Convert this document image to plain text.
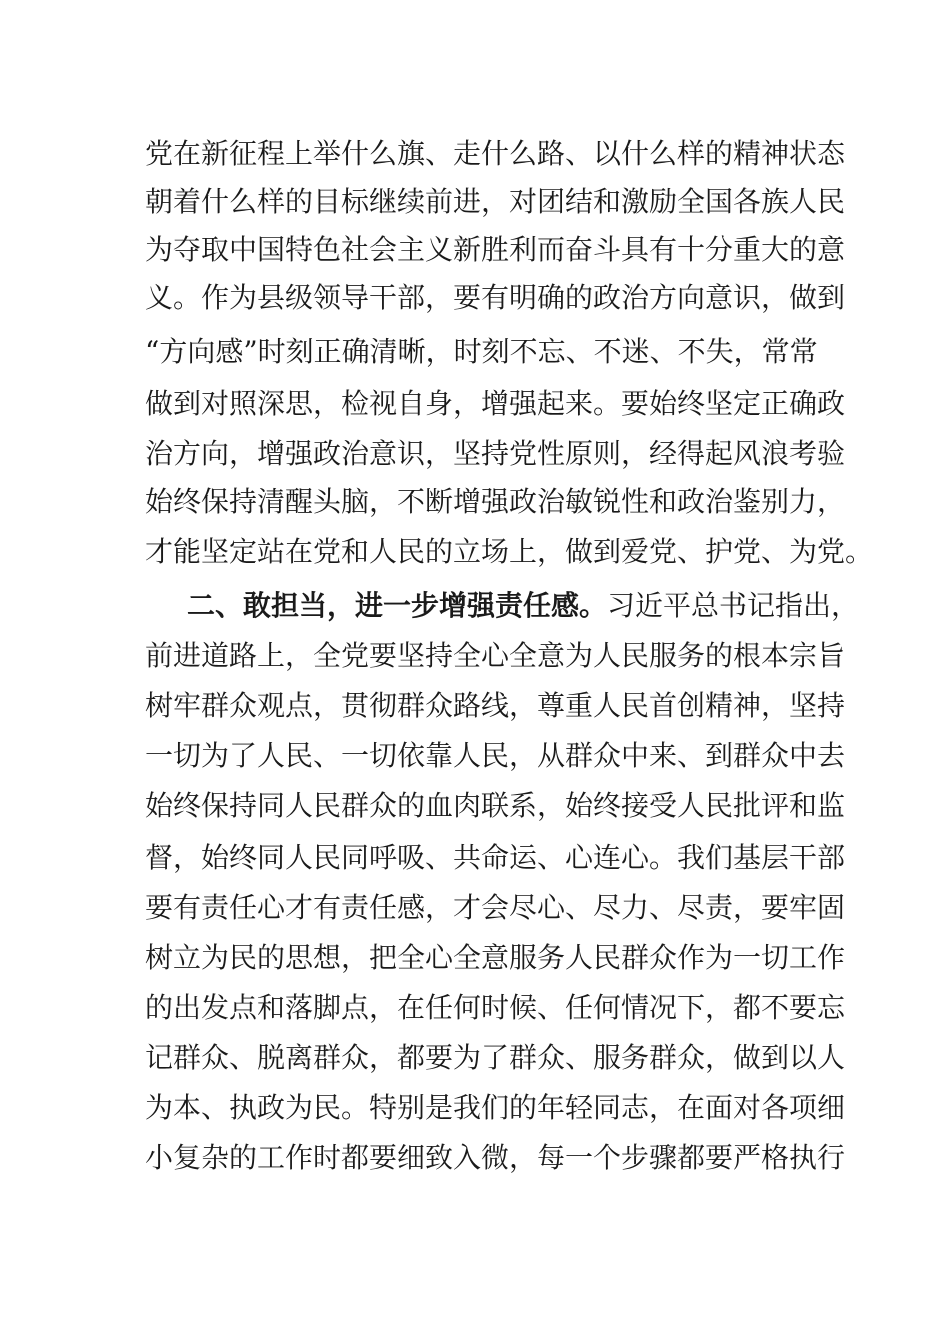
党在新征程上举什么旗、走什么路、以什么样的精神状态
朝着什么样的目标继续前进，对团结和激励全国各族人民
为夺取中国特色社会主义新胜利而奋斗具有十分重大的意
义。作为县级领导干部，要有明确的政治方向意识，做到
“方向感”时刻正确清晰，时刻不忘、不迷、不失，常常
做到对照深思，检视自身，增强起来。要始终坚定正确政
治方向，增强政治意识，坚持党性原则，经得起风浪考验
始终保持清醒头脑，不断增强政治敏锐性和政治鉴别力，
才能坚定站在党和人民的立场上，做到爱党、护党、为党。
二、敢担当，进一步增强责任感。习近平总书记指出，
前进道路上，全党要坚持全心全意为人民服务的根本宗旨
树牢群众观点，贯彻群众路线，尊重人民首创精神，坚持
一切为了人民、一切依靠人民，从群众中来、到群众中去
始终保持同人民群众的血肉联系，始终接受人民批评和监
督，始终同人民同呼吸、共命运、心连心。我们基层干部
要有责任心才有责任感，才会尽心、尽力、尽责，要牢固
树立为民的思想，把全心全意服务人民群众作为一切工作
的出发点和落脚点，在任何时候、任何情况下，都不要忘
记群众、脱离群众，都要为了群众、服务群众，做到以人
为本、执政为民。特别是我们的年轻同志，在面对各项细
小复杂的工作时都要细致入微，每一个步骤都要严格执行
